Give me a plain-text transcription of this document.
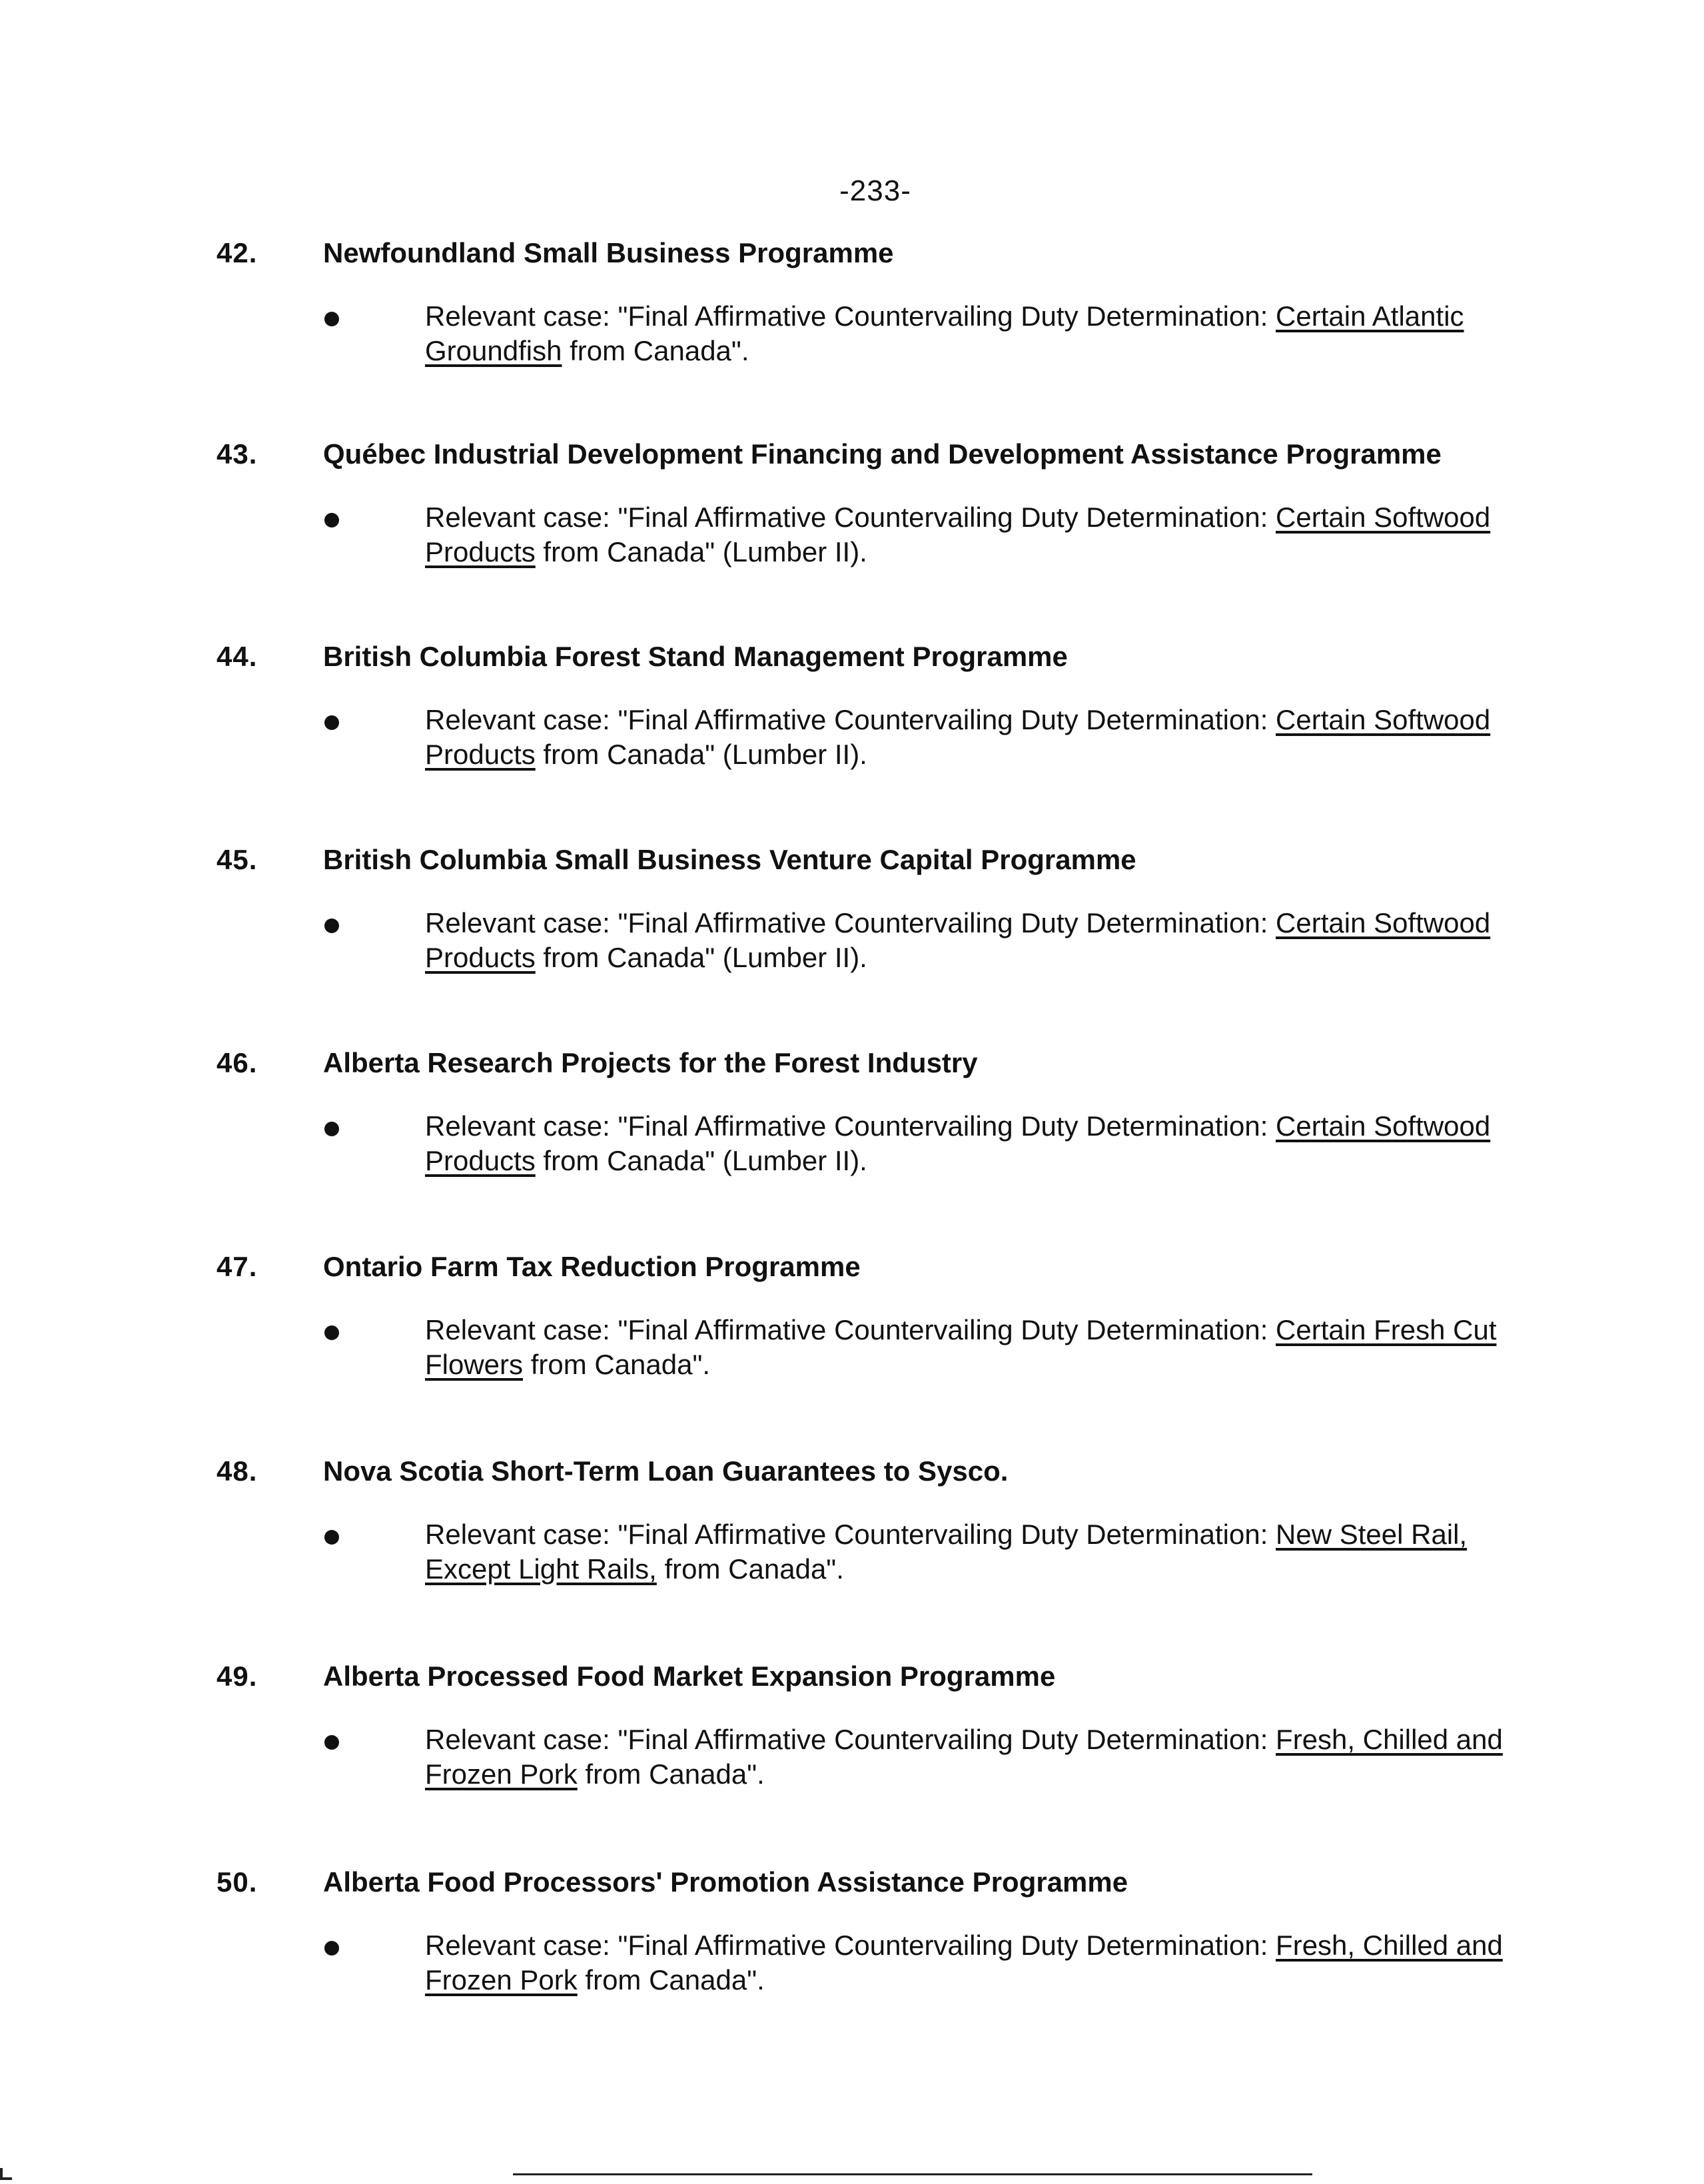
-233-
42. Newfoundland Small Business Programme
Relevant case: "Final Affirmative Countervailing Duty Determination: Certain Atlantic Groundfish from Canada".
43. Québec Industrial Development Financing and Development Assistance Programme
Relevant case: "Final Affirmative Countervailing Duty Determination: Certain Softwood Products from Canada" (Lumber II).
44. British Columbia Forest Stand Management Programme
Relevant case: "Final Affirmative Countervailing Duty Determination: Certain Softwood Products from Canada" (Lumber II).
45. British Columbia Small Business Venture Capital Programme
Relevant case: "Final Affirmative Countervailing Duty Determination: Certain Softwood Products from Canada" (Lumber II).
46. Alberta Research Projects for the Forest Industry
Relevant case: "Final Affirmative Countervailing Duty Determination: Certain Softwood Products from Canada" (Lumber II).
47. Ontario Farm Tax Reduction Programme
Relevant case: "Final Affirmative Countervailing Duty Determination: Certain Fresh Cut Flowers from Canada".
48. Nova Scotia Short-Term Loan Guarantees to Sysco.
Relevant case: "Final Affirmative Countervailing Duty Determination: New Steel Rail, Except Light Rails, from Canada".
49. Alberta Processed Food Market Expansion Programme
Relevant case: "Final Affirmative Countervailing Duty Determination: Fresh, Chilled and Frozen Pork from Canada".
50. Alberta Food Processors' Promotion Assistance Programme
Relevant case: "Final Affirmative Countervailing Duty Determination: Fresh, Chilled and Frozen Pork from Canada".
